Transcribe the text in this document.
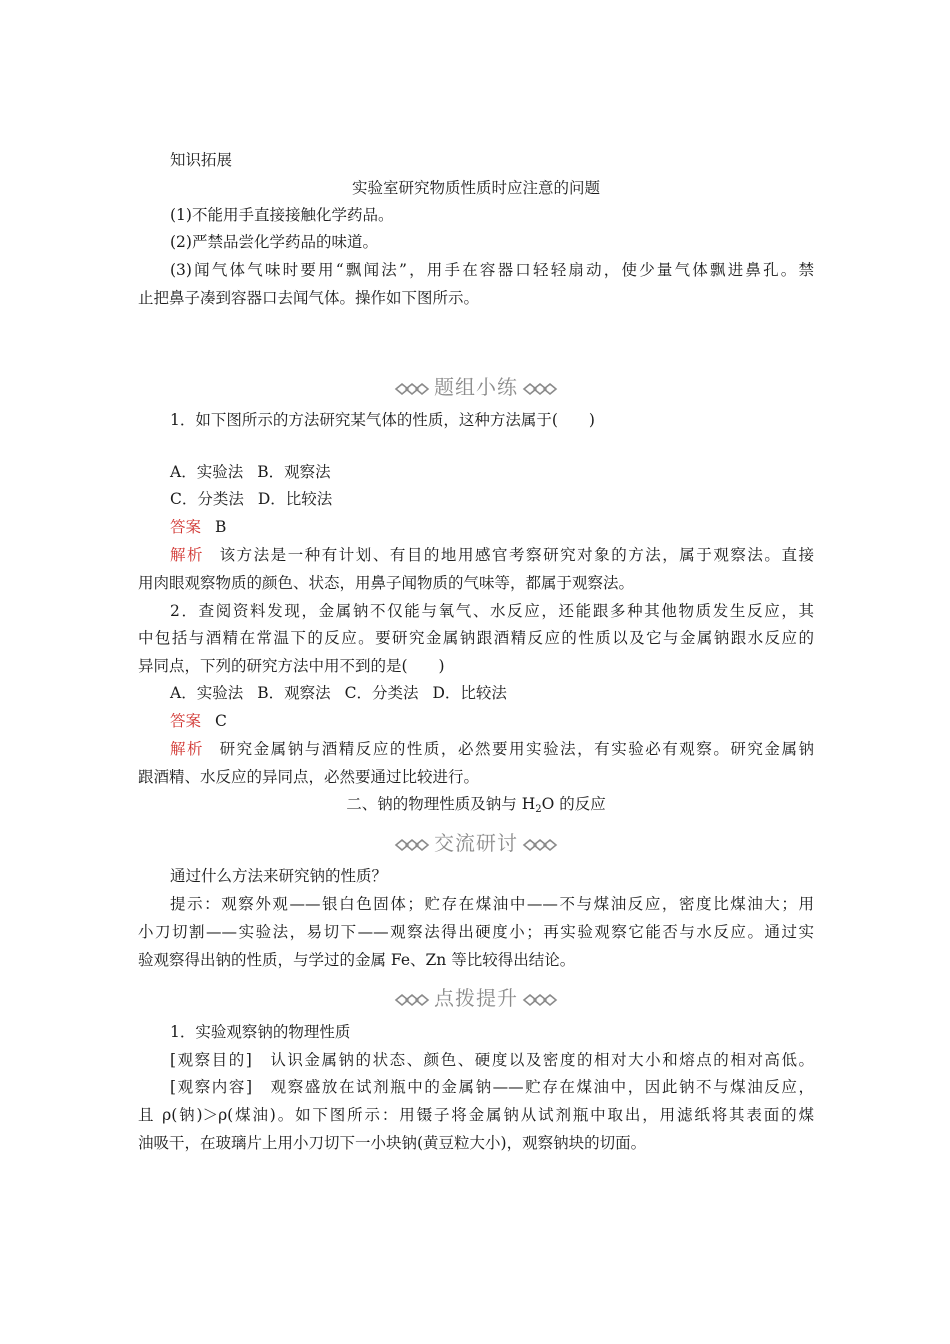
知识拓展
实验室研究物质性质时应注意的问题
(1)不能用手直接接触化学药品。
(2)严禁品尝化学药品的味道。
(3)闻气体气味时要用“飘闻法”，用手在容器口轻轻扇动，使少量气体飘进鼻孔。禁
止把鼻子凑到容器口去闻气体。操作如下图所示。
题组小练
1．如下图所示的方法研究某气体的性质，这种方法属于(　　)
A．实验法 B．观察法
C．分类法 D．比较法
答案 B
解析 该方法是一种有计划、有目的地用感官考察研究对象的方法，属于观察法。直接
用肉眼观察物质的颜色、状态，用鼻子闻物质的气味等，都属于观察法。
2．查阅资料发现，金属钠不仅能与氧气、水反应，还能跟多种其他物质发生反应，其
中包括与酒精在常温下的反应。要研究金属钠跟酒精反应的性质以及它与金属钠跟水反应的
异同点，下列的研究方法中用不到的是(　　)
A．实验法 B．观察法 C．分类法 D．比较法
答案 C
解析 研究金属钠与酒精反应的性质，必然要用实验法，有实验必有观察。研究金属钠
跟酒精、水反应的异同点，必然要通过比较进行。
二、钠的物理性质及钠与 $H_2O$ 的反应
交流研讨
通过什么方法来研究钠的性质？
提示：观察外观——银白色固体；贮存在煤油中——不与煤油反应，密度比煤油大；用
小刀切割——实验法，易切下——观察法得出硬度小；再实验观察它能否与水反应。通过实
验观察得出钠的性质，与学过的金属 Fe、Zn 等比较得出结论。
点拨提升
1．实验观察钠的物理性质
[观察目的]　认识金属钠的状态、颜色、硬度以及密度的相对大小和熔点的相对高低。
[观察内容]　观察盛放在试剂瓶中的金属钠——贮存在煤油中，因此钠不与煤油反应，
且 ρ(钠)＞ρ(煤油)。如下图所示：用镊子将金属钠从试剂瓶中取出，用滤纸将其表面的煤
油吸干，在玻璃片上用小刀切下一小块钠(黄豆粒大小)，观察钠块的切面。
